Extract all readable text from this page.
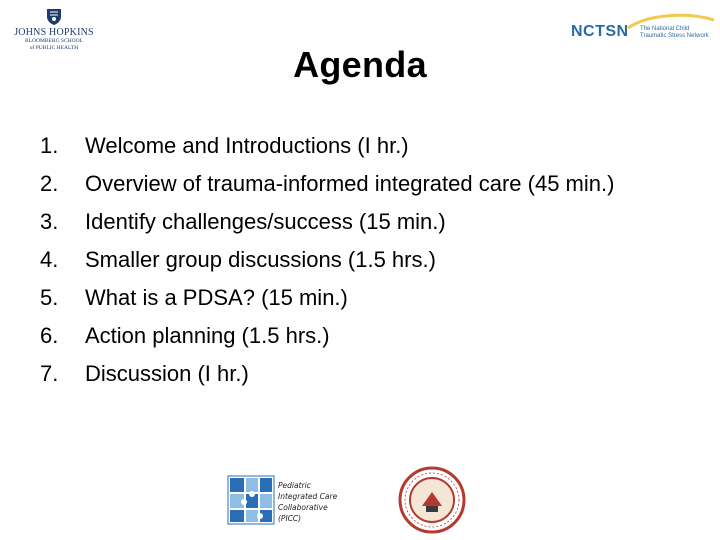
JOHNS HOPKINS
BLOOMBERG SCHOOL
of PUBLIC HEALTH
NCTSN The National Child
Traumatic Stress Network
Agenda
1. Welcome and Introductions (I hr.)
2. Overview of trauma-informed integrated care (45 min.)
3. Identify challenges/success (15 min.)
4. Smaller group discussions (1.5 hrs.)
5. What is a PDSA? (15 min.)
6. Action planning (1.5 hrs.)
7. Discussion (I hr.)
Pediatric
Integrated Care
Collaborative
(PICC)
